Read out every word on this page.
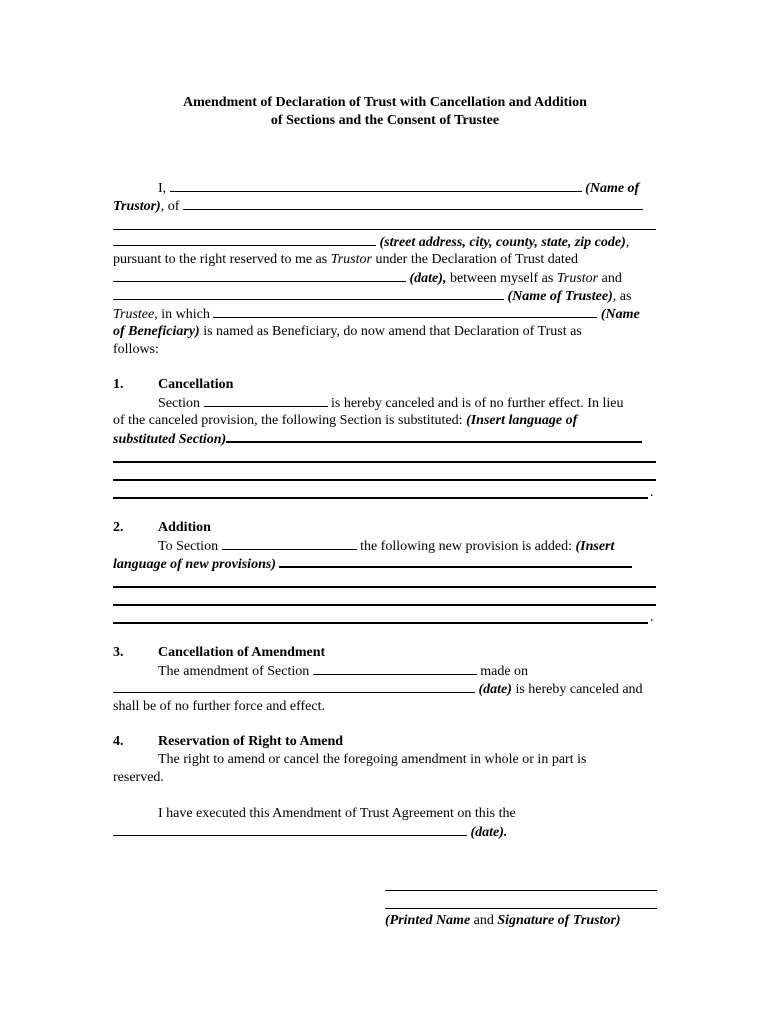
Amendment of Declaration of Trust with Cancellation and Addition
of Sections and the Consent of Trustee
I,	(Name of
Trustor), of
(street address, city, county, state, zip code),
pursuant to the right reserved to me as Trustor under the Declaration of Trust dated
(date), between myself as Trustor and
(Name of Trustee), as
Trustee, in which	(Name
of Beneficiary) is named as Beneficiary, do now amend that Declaration of Trust as
follows:
1. Cancellation
Section	is hereby canceled and is of no further effect. In lieu
of the canceled provision, the following Section is substituted: (Insert language of
substituted Section)
.
2. Addition
To Section	the following new provision is added: (Insert
language of new provisions)
.
3. Cancellation of Amendment
The amendment of Section	made on
(date) is hereby canceled and
shall be of no further force and effect.
4. Reservation of Right to Amend
The right to amend or cancel the foregoing amendment in whole or in part is
reserved.
I have executed this Amendment of Trust Agreement on this the
(date).
(Printed Name and Signature of Trustor)
